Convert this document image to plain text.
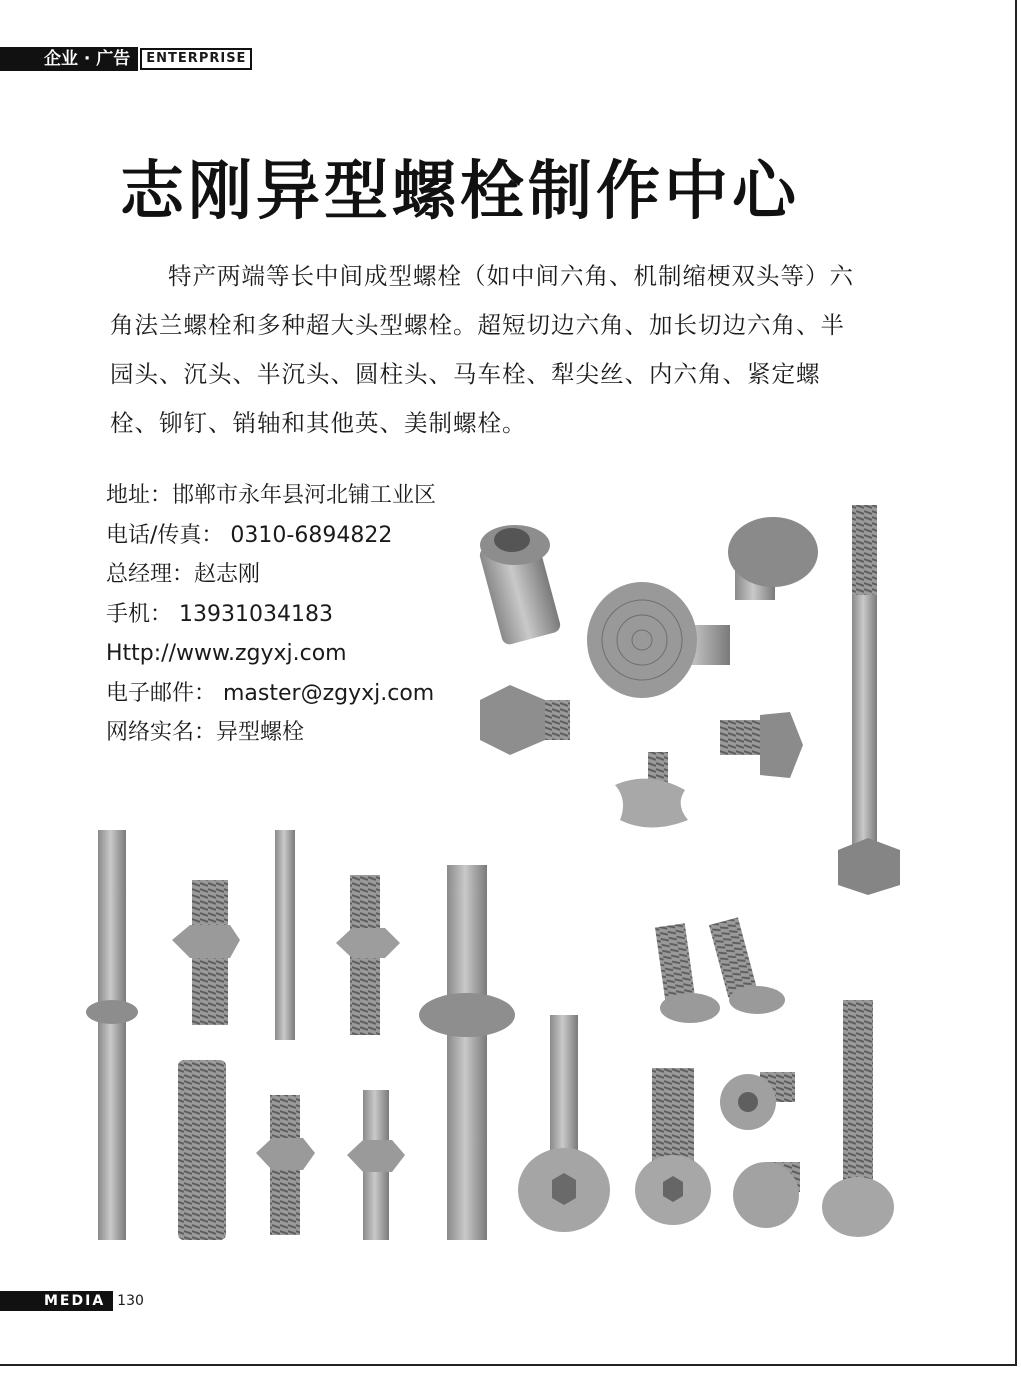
企业 · 广告	ENTERPRISE
志刚异型螺栓制作中心
特产两端等长中间成型螺栓（如中间六角、机制缩梗双头等）六角法兰螺栓和多种超大头型螺栓。超短切边六角、加长切边六角、半园头、沉头、半沉头、圆柱头、马车栓、犁尖丝、内六角、紧定螺栓、铆钉、销轴和其他英、美制螺栓。
地址：邯郸市永年县河北铺工业区
电话/传真： 0310-6894822
总经理：赵志刚
手机： 13931034183
Http://www.zgyxj.com
电子邮件： master@zgyxj.com
网络实名：异型螺栓
MEDIA 130
